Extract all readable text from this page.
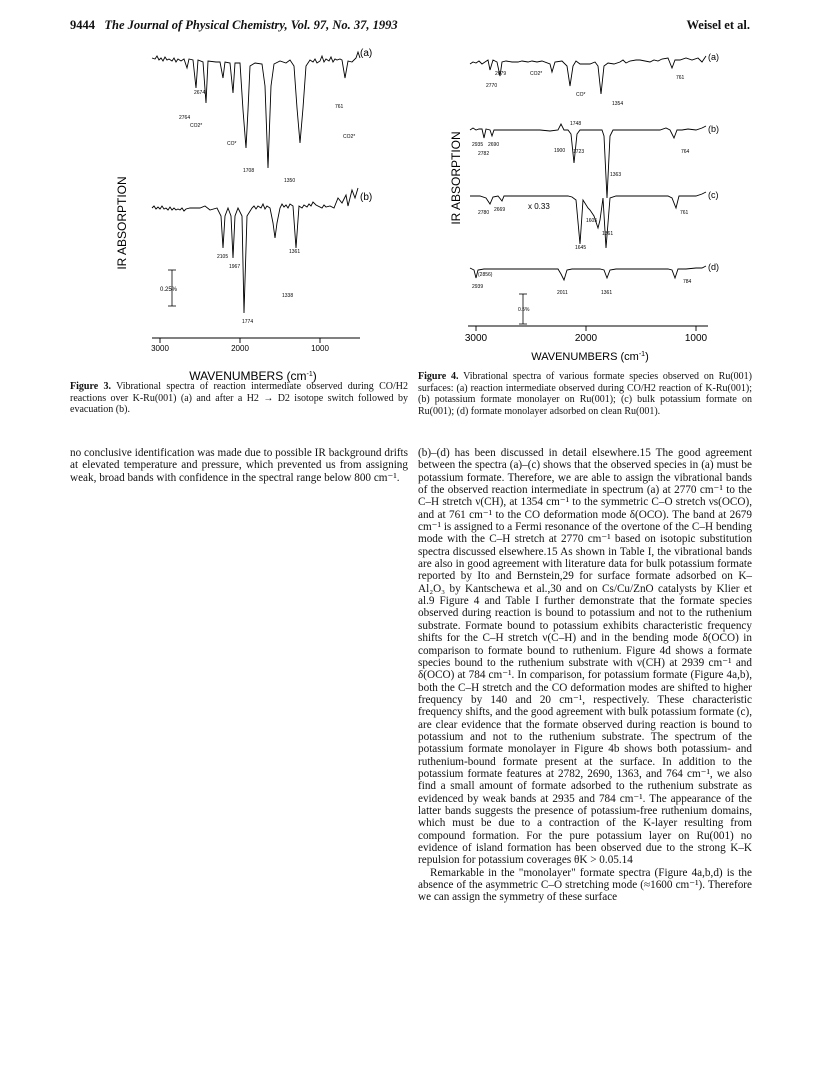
9444 The Journal of Physical Chemistry, Vol. 97, No. 37, 1993	Weisel et al.
IR ABSORPTION
(a)
2674
2764
CO2*
CO*
CO2*
1708
1350
761
(b)
1361
2105
1967
1338
1774
0.25%
3000	2000	1000
WAVENUMBERS $(cm^{-1})$
Figure 3. Vibrational spectra of reaction intermediate observed during CO/H2 reactions over K-Ru(001) (a) and after a H2 → D2 isotope switch followed by evacuation (b).
IR ABSORPTION
(a)
2679	CO2*
2770
CO*
761
1354
(b)
1748
2935 2690
2782	1900 1723	764
1363
(c)
2780 2669	x 0.33
1605
761
1361
1645
(d)
(2856)
2939
2011	1361
784
0.5%
3000	2000	1000
WAVENUMBERS $(cm^{-1})$
Figure 4. Vibrational spectra of various formate species observed on Ru(001) surfaces: (a) reaction intermediate observed during CO/H2 reaction of K-Ru(001); (b) potassium formate monolayer on Ru(001); (c) bulk potassium formate on Ru(001); (d) formate monolayer adsorbed on clean Ru(001).

no conclusive identification was made due to possible IR background drifts at elevated temperature and pressure, which prevented us from assigning weak, broad bands with confidence in the spectral range below 800 cm⁻¹.

(b)–(d) has been discussed in detail elsewhere.15 The good agreement between the spectra (a)–(c) shows that the observed species in (a) must be potassium formate. Therefore, we are able to assign the vibrational bands of the observed reaction intermediate in spectrum (a) at 2770 cm⁻¹ to the C–H stretch ν(CH), at 1354 cm⁻¹ to the symmetric C–O stretch νs(OCO), and at 761 cm⁻¹ to the CO deformation mode δ(OCO). The band at 2679 cm⁻¹ is assigned to a Fermi resonance of the overtone of the C–H bending mode with the C–H stretch at 2770 cm⁻¹ based on isotopic substitution spectra discussed elsewhere.15 As shown in Table I, the vibrational bands are also in good agreement with literature data for bulk potassium formate reported by Ito and Bernstein,29 for surface formate adsorbed on K–Al₂O₃ by Kantschewa et al.,30 and on Cs/Cu/ZnO catalysts by Klier et al.9 Figure 4 and Table I further demonstrate that the formate species observed during reaction is bound to potassium and not to the ruthenium substrate. Formate bound to potassium exhibits characteristic frequency shifts for the C–H stretch ν(C–H) and in the bending mode δ(OCO) in comparison to formate bound to ruthenium. Figure 4d shows a formate species bound to the ruthenium substrate with ν(CH) at 2939 cm⁻¹ and δ(OCO) at 784 cm⁻¹. In comparison, for potassium formate (Figure 4a,b), both the C–H stretch and the CO deformation modes are shifted to higher frequency by 140 and 20 cm⁻¹, respectively. These characteristic frequency shifts, and the good agreement with bulk potassium formate (c), are clear evidence that the formate observed during reaction is bound to potassium and not to the ruthenium substrate. The spectrum of the potassium formate monolayer in Figure 4b shows both potassium- and ruthenium-bound formate present at the surface. In addition to the potassium formate features at 2782, 2690, 1363, and 764 cm⁻¹, we also find a small amount of formate adsorbed to the ruthenium substrate as evidenced by weak bands at 2935 and 784 cm⁻¹. The appearance of the latter bands suggests the presence of potassium-free ruthenium domains, which must be due to a contraction of the K-layer resulting from compound formation. For the pure potassium layer on Ru(001) no evidence of island formation has been observed due to the strong K–K repulsion for potassium coverages θK > 0.05.14

Remarkable in the "monolayer" formate spectra (Figure 4a,b,d) is the absence of the asymmetric C–O stretching mode (≈1600 cm⁻¹). Therefore we can assign the symmetry of these surface
